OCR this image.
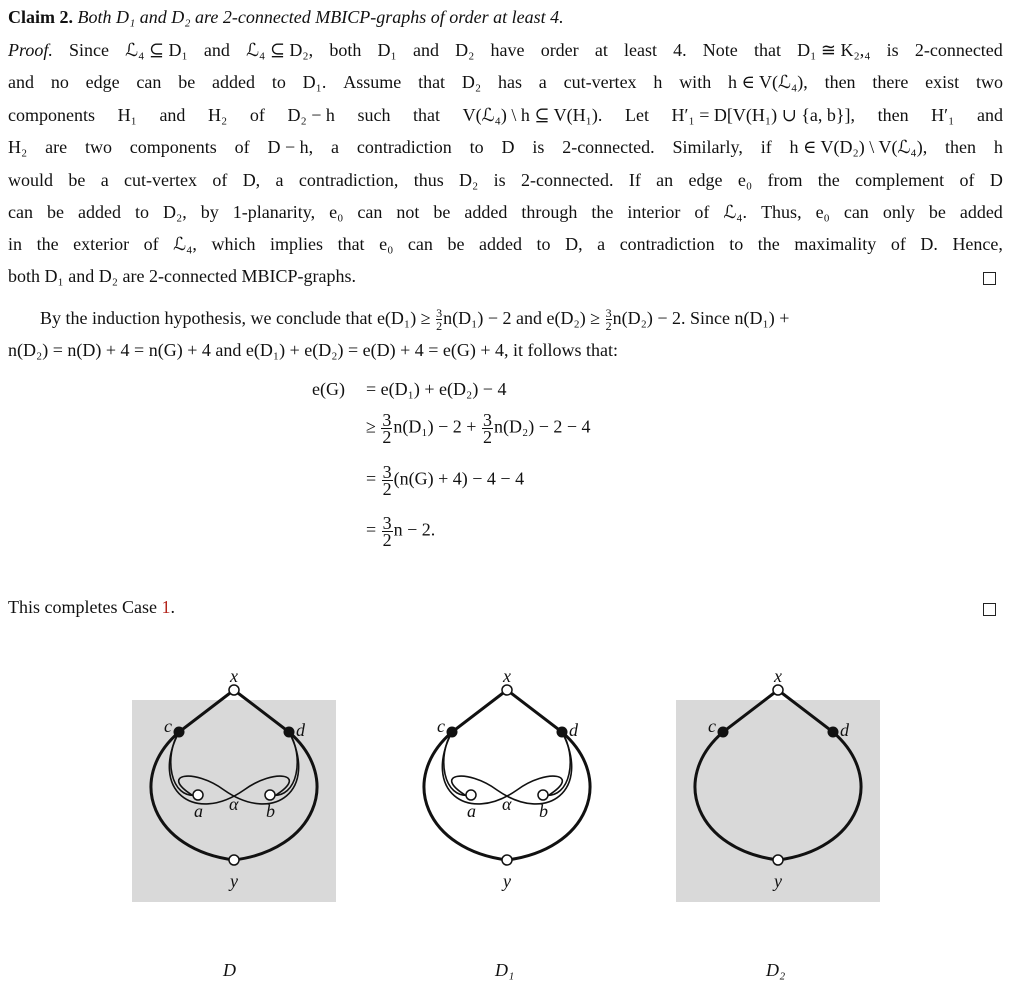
Claim 2. Both D₁ and D₂ are 2-connected MBICP-graphs of order at least 4.
Proof. Since ℒ₄ ⊆ D₁ and ℒ₄ ⊆ D₂, both D₁ and D₂ have order at least 4. Note that D₁ ≅ K₂,₄ is 2-connected
and no edge can be added to D₁. Assume that D₂ has a cut-vertex h with h ∈ V(ℒ₄), then there exist two
components H₁ and H₂ of D₂ − h such that V(ℒ₄) \ h ⊆ V(H₁). Let H′₁ = D[V(H₁) ∪ {a, b}], then H′₁ and
H₂ are two components of D − h, a contradiction to D is 2-connected. Similarly, if h ∈ V(D₂) \ V(ℒ₄), then h
would be a cut-vertex of D, a contradiction, thus D₂ is 2-connected. If an edge e₀ from the complement of D
can be added to D₂, by 1-planarity, e₀ can not be added through the interior of ℒ₄. Thus, e₀ can only be added
in the exterior of ℒ₄, which implies that e₀ can be added to D, a contradiction to the maximality of D. Hence,
both D₁ and D₂ are 2-connected MBICP-graphs.
By the induction hypothesis, we conclude that $e(D_1) \ge \frac{3}{2}n(D_1) - 2$ and $e(D_2) \ge \frac{3}{2}n(D_2) - 2$. Since n(D₁) +
n(D₂) = n(D) + 4 = n(G) + 4 and e(D₁) + e(D₂) = e(D) + 4 = e(G) + 4, it follows that:
e(G) = e(D₁) + e(D₂) − 4
≥ $\frac{3}{2} n(D_1) - 2 + \frac{3}{2} n(D_2) - 2 - 4$
= $\frac{3}{2} (n(G) + 4) - 4 - 4$
= $\frac{3}{2}$ n − 2.
This completes Case 1.
x
y
c	d
a	b
α
x
y
c	d
a	b
α
x
y
c	d
D	D₁	D₂
